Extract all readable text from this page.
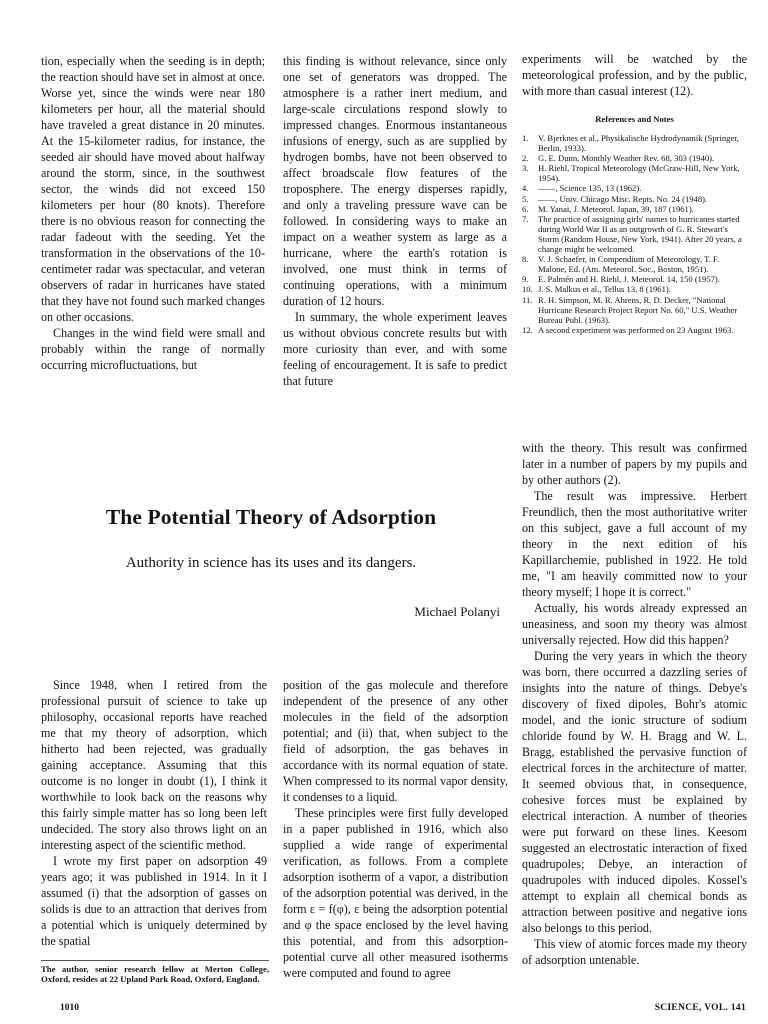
tion, especially when the seeding is in depth; the reaction should have set in almost at once. Worse yet, since the winds were near 180 kilometers per hour, all the material should have traveled a great distance in 20 minutes. At the 15-kilometer radius, for instance, the seeded air should have moved about halfway around the storm, since, in the southwest sector, the winds did not exceed 150 kilometers per hour (80 knots). Therefore there is no obvious reason for connecting the radar fadeout with the seeding. Yet the transformation in the observations of the 10-centimeter radar was spectacular, and veteran observers of radar in hurricanes have stated that they have not found such marked changes on other occasions.

Changes in the wind field were small and probably within the range of normally occurring microfluctuations, but

this finding is without relevance, since only one set of generators was dropped. The atmosphere is a rather inert medium, and large-scale circulations respond slowly to impressed changes. Enormous instantaneous infusions of energy, such as are supplied by hydrogen bombs, have not been observed to affect broadscale flow features of the troposphere. The energy disperses rapidly, and only a traveling pressure wave can be followed. In considering ways to make an impact on a weather system as large as a hurricane, where the earth's rotation is involved, one must think in terms of continuing operations, with a minimum duration of 12 hours.

In summary, the whole experiment leaves us without obvious concrete results but with more curiosity than ever, and with some feeling of encouragement. It is safe to predict that future

experiments will be watched by the meteorological profession, and by the public, with more than casual interest (12).

References and Notes
1. V. Bjerknes et al., Physikalische Hydrodynamik (Springer, Berlin, 1933).
2. G. E. Dunn, Monthly Weather Rev. 68, 303 (1940).
3. H. Riehl, Tropical Meteorology (McGraw-Hill, New York, 1954).
4. ——, Science 135, 13 (1962).
5. ——, Univ. Chicago Misc. Repts. No. 24 (1948).
6. M. Yanai, J. Meteorol. Japan, 39, 187 (1961).
7. The practice of assigning girls' names to hurricanes started during World War II as an outgrowth of G. R. Stewart's Storm (Random House, New York, 1941). After 20 years, a change might be welcomed.
8. V. J. Schaefer, in Compendium of Meteorology, T. F. Malone, Ed. (Am. Meteorol. Soc., Boston, 1951).
9. E. Palmén and H. Riehl, J. Meteorol. 14, 150 (1957).
10. J. S. Malkus et al., Tellus 13, 8 (1961).
11. R. H. Simpson, M. R. Ahrens, R. D. Decker, "National Hurricane Research Project Report No. 60," U.S. Weather Bureau Publ. (1963).
12. A second experiment was performed on 23 August 1963.
The Potential Theory of Adsorption
Authority in science has its uses and its dangers.
Michael Polanyi

Since 1948, when I retired from the professional pursuit of science to take up philosophy, occasional reports have reached me that my theory of adsorption, which hitherto had been rejected, was gradually gaining acceptance. Assuming that this outcome is no longer in doubt (1), I think it worthwhile to look back on the reasons why this fairly simple matter has so long been left undecided. The story also throws light on an interesting aspect of the scientific method.

I wrote my first paper on adsorption 49 years ago; it was published in 1914. In it I assumed (i) that the adsorption of gasses on solids is due to an attraction that derives from a potential which is uniquely determined by the spatial

position of the gas molecule and therefore independent of the presence of any other molecules in the field of the adsorption potential; and (ii) that, when subject to the field of adsorption, the gas behaves in accordance with its normal equation of state. When compressed to its normal vapor density, it condenses to a liquid.

These principles were first fully developed in a paper published in 1916, which also supplied a wide range of experimental verification, as follows. From a complete adsorption isotherm of a vapor, a distribution of the adsorption potential was derived, in the form ε = f(φ), ε being the adsorption potential and φ the space enclosed by the level having this potential, and from this adsorption-potential curve all other measured isotherms were computed and found to agree

with the theory. This result was confirmed later in a number of papers by my pupils and by other authors (2).

The result was impressive. Herbert Freundlich, then the most authoritative writer on this subject, gave a full account of my theory in the next edition of his Kapillarchemie, published in 1922. He told me, "I am heavily committed now to your theory myself; I hope it is correct."

Actually, his words already expressed an uneasiness, and soon my theory was almost universally rejected. How did this happen?

During the very years in which the theory was born, there occurred a dazzling series of insights into the nature of things. Debye's discovery of fixed dipoles, Bohr's atomic model, and the ionic structure of sodium chloride found by W. H. Bragg and W. L. Bragg, established the pervasive function of electrical forces in the architecture of matter. It seemed obvious that, in consequence, cohesive forces must be explained by electrical interaction. A number of theories were put forward on these lines. Keesom suggested an electrostatic interaction of fixed quadrupoles; Debye, an interaction of quadrupoles with induced dipoles. Kossel's attempt to explain all chemical bonds as attraction between positive and negative ions also belongs to this period.

This view of atomic forces made my theory of adsorption untenable.

The author, senior research fellow at Merton College, Oxford, resides at 22 Upland Park Road, Oxford, England.
1010	SCIENCE, VOL. 141
